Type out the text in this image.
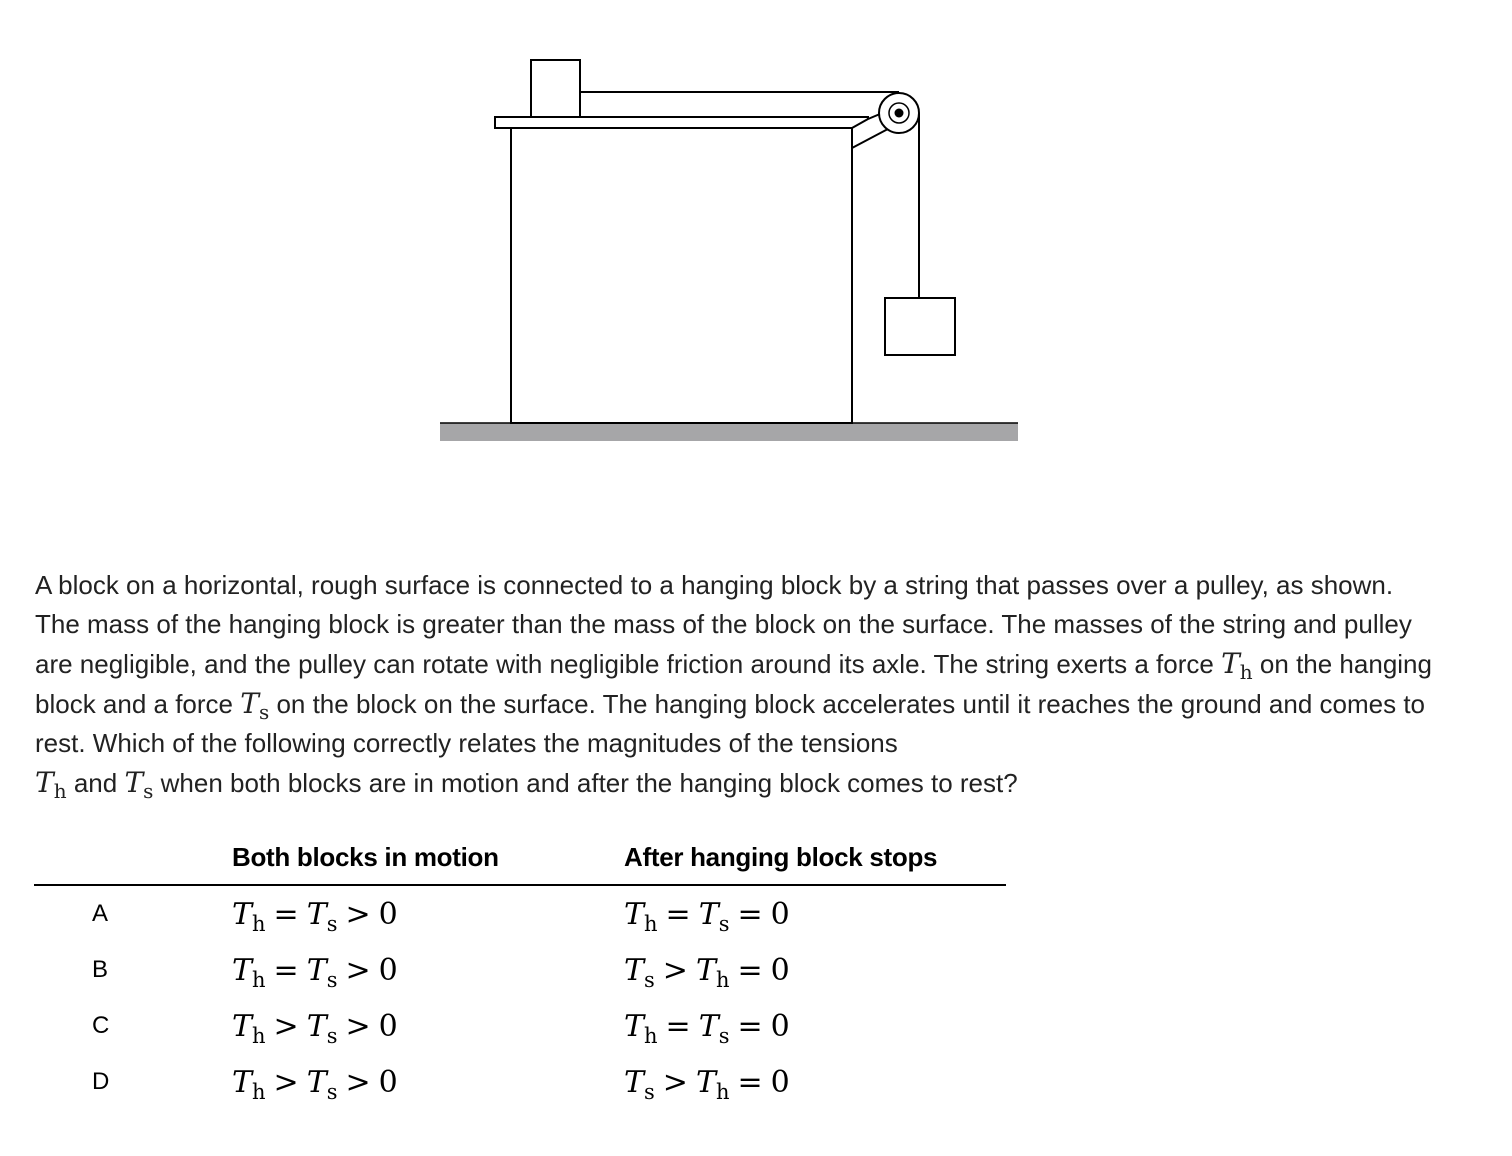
A block on a horizontal, rough surface is connected to a hanging block by a string that passes over a pulley, as shown. The mass of the hanging block is greater than the mass of the block on the surface. The masses of the string and pulley are negligible, and the pulley can rotate with negligible friction around its axle. The string exerts a force $T_h$ on the hanging block and a force $T_s$ on the block on the surface. The hanging block accelerates until it reaches the ground and comes to rest. Which of the following correctly relates the magnitudes of the tensions
$T_h$ and $T_s$ when both blocks are in motion and after the hanging block comes to rest?
	Both blocks in motion	After hanging block stops
A	$T_h = T_s > 0$	$T_h = T_s = 0$
B	$T_h = T_s > 0$	$T_s > T_h = 0$
C	$T_h > T_s > 0$	$T_h = T_s = 0$
D	$T_h > T_s > 0$	$T_s > T_h = 0$
